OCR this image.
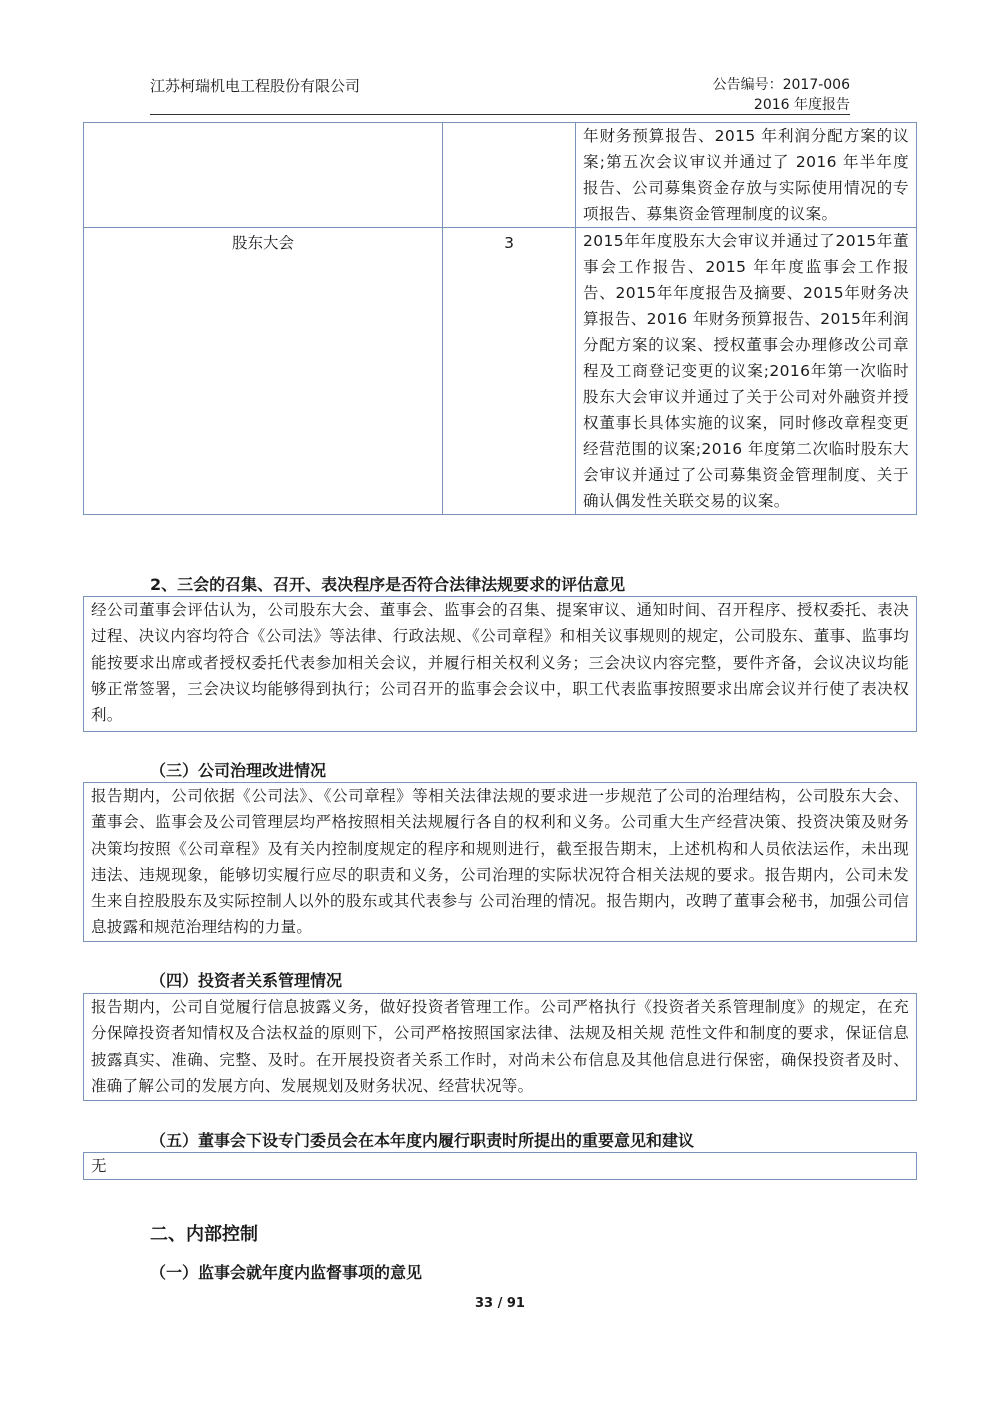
江苏柯瑞机电工程股份有限公司	公告编号：2017-006
2016 年度报告
		年财务预算报告、2015 年利润分配方案的议案;第五次会议审议并通过了 2016 年半年度报告、公司募集资金存放与实际使用情况的专项报告、募集资金管理制度的议案。
股东大会	3	2015年年度股东大会审议并通过了2015年董事会工作报告、2015 年年度监事会工作报告、2015年年度报告及摘要、2015年财务决算报告、2016 年财务预算报告、2015年利润分配方案的议案、授权董事会办理修改公司章程及工商登记变更的议案;2016年第一次临时股东大会审议并通过了关于公司对外融资并授权董事长具体实施的议案，同时修改章程变更经营范围的议案;2016 年度第二次临时股东大会审议并通过了公司募集资金管理制度、关于确认偶发性关联交易的议案。
2、三会的召集、召开、表决程序是否符合法律法规要求的评估意见
经公司董事会评估认为，公司股东大会、董事会、监事会的召集、提案审议、通知时间、召开程序、授权委托、表决过程、决议内容均符合《公司法》等法律、行政法规、《公司章程》和相关议事规则的规定，公司股东、董事、监事均能按要求出席或者授权委托代表参加相关会议，并履行相关权利义务；三会决议内容完整，要件齐备，会议决议均能够正常签署，三会决议均能够得到执行；公司召开的监事会会议中，职工代表监事按照要求出席会议并行使了表决权利。
（三）公司治理改进情况
报告期内，公司依据《公司法》、《公司章程》等相关法律法规的要求进一步规范了公司的治理结构，公司股东大会、董事会、监事会及公司管理层均严格按照相关法规履行各自的权利和义务。公司重大生产经营决策、投资决策及财务决策均按照《公司章程》及有关内控制度规定的程序和规则进行，截至报告期末，上述机构和人员依法运作，未出现违法、违规现象，能够切实履行应尽的职责和义务，公司治理的实际状况符合相关法规的要求。报告期内，公司未发生来自控股股东及实际控制人以外的股东或其代表参与 公司治理的情况。报告期内，改聘了董事会秘书，加强公司信息披露和规范治理结构的力量。
（四）投资者关系管理情况
报告期内，公司自觉履行信息披露义务，做好投资者管理工作。公司严格执行《投资者关系管理制度》的规定，在充分保障投资者知情权及合法权益的原则下，公司严格按照国家法律、法规及相关规 范性文件和制度的要求，保证信息披露真实、准确、完整、及时。在开展投资者关系工作时，对尚未公布信息及其他信息进行保密，确保投资者及时、准确了解公司的发展方向、发展规划及财务状况、经营状况等。
（五）董事会下设专门委员会在本年度内履行职责时所提出的重要意见和建议
无
二、内部控制
（一）监事会就年度内监督事项的意见
33 / 91
